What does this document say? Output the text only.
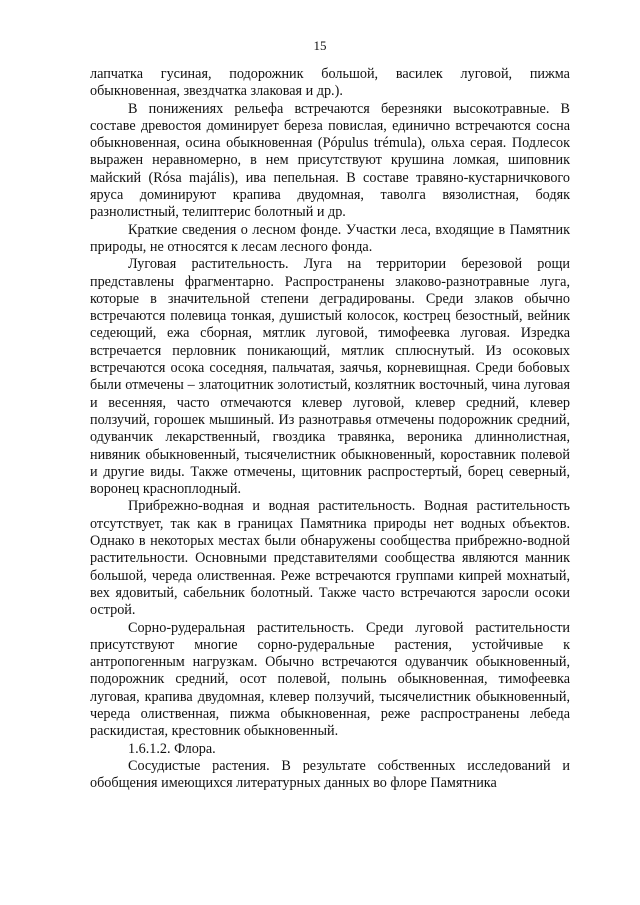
15

лапчатка гусиная, подорожник большой, василек луговой, пижма обыкновенная, звездчатка злаковая и др.).

В понижениях рельефа встречаются березняки высокотравные. В составе древостоя доминирует береза повислая, единично встречаются сосна обыкновенная, осина обыкновенная (Pópulus trémula), ольха серая. Подлесок выражен неравномерно, в нем присутствуют крушина ломкая, шиповник майский (Rósa majális), ива пепельная. В составе травяно-кустарничкового яруса доминируют крапива двудомная, таволга вязолистная, бодяк разнолистный, телиптерис болотный и др.

Краткие сведения о лесном фонде. Участки леса, входящие в Памятник природы, не относятся к лесам лесного фонда.

Луговая растительность. Луга на территории березовой рощи представлены фрагментарно. Распространены злаково-разнотравные луга, которые в значительной степени деградированы. Среди злаков обычно встречаются полевица тонкая, душистый колосок, кострец безостный, вейник седеющий, ежа сборная, мятлик луговой, тимофеевка луговая. Изредка встречается перловник поникающий, мятлик сплюснутый. Из осоковых встречаются осока соседняя, пальчатая, заячья, корневищная. Среди бобовых были отмечены – златоцитник золотистый, козлятник восточный, чина луговая и весенняя, часто отмечаются клевер луговой, клевер средний, клевер ползучий, горошек мышиный. Из разнотравья отмечены подорожник средний, одуванчик лекарственный, гвоздика травянка, вероника длиннолистная, нивяник обыкновенный, тысячелистник обыкновенный, короставник полевой и другие виды. Также отмечены, щитовник распростертый, борец северный, воронец красноплодный.

Прибрежно-водная и водная растительность. Водная растительность отсутствует, так как в границах Памятника природы нет водных объектов. Однако в некоторых местах были обнаружены сообщества прибрежно-водной растительности. Основными представителями сообщества являются манник большой, череда олиственная. Реже встречаются группами кипрей мохнатый, вех ядовитый, сабельник болотный. Также часто встречаются заросли осоки острой.

Сорно-рудеральная растительность. Среди луговой растительности присутствуют многие сорно-рудеральные растения, устойчивые к антропогенным нагрузкам. Обычно встречаются одуванчик обыкновенный, подорожник средний, осот полевой, полынь обыкновенная, тимофеевка луговая, крапива двудомная, клевер ползучий, тысячелистник обыкновенный, череда олиственная, пижма обыкновенная, реже распространены лебеда раскидистая, крестовник обыкновенный.

1.6.1.2. Флора.

Сосудистые растения. В результате собственных исследований и обобщения имеющихся литературных данных во флоре Памятника
